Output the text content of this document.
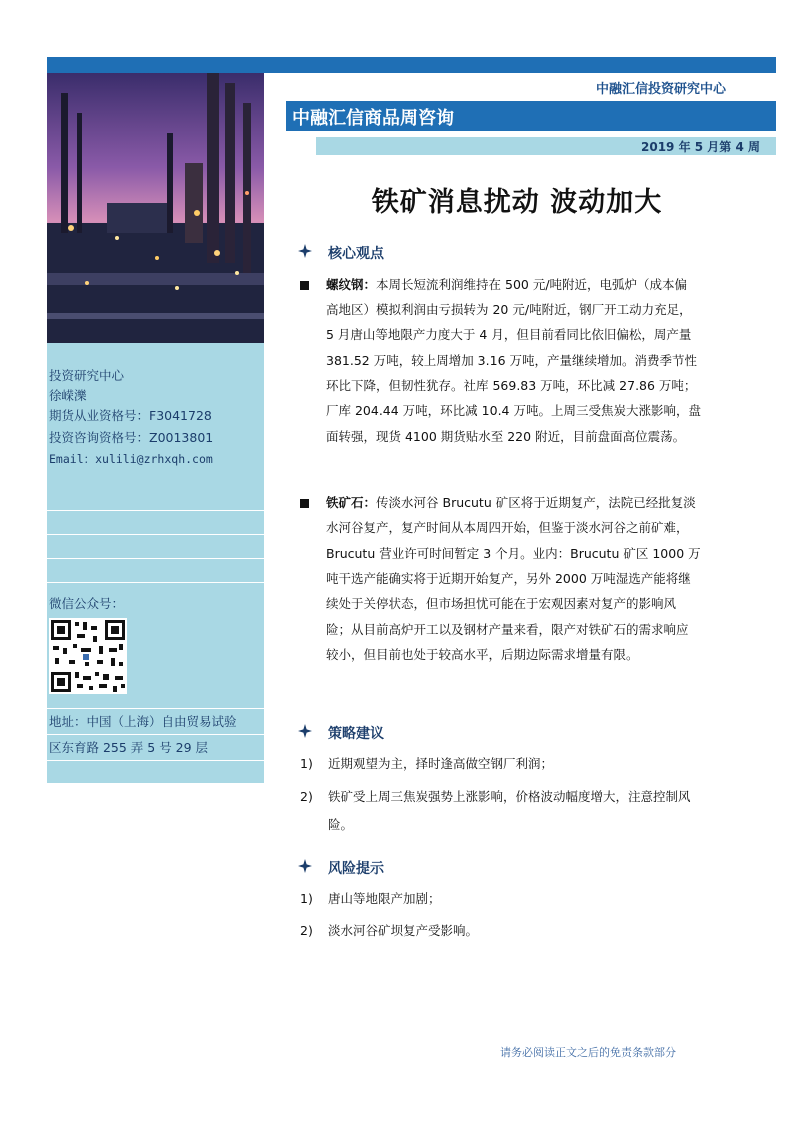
中融汇信投资研究中心
投资研究中心
徐嵘濼
期货从业资格号：F3041728
投资咨询资格号：Z0013801
Email：xulili@zrhxqh.com
微信公众号：
地址：中国（上海）自由贸易试验
区东育路 255 弄 5 号 29 层
中融汇信商品周咨询
2019 年 5 月第 4 周
铁矿消息扰动 波动加大
核心观点
螺纹钢：本周长短流利润维持在 500 元/吨附近，电弧炉（成本偏
高地区）模拟利润由亏损转为 20 元/吨附近，钢厂开工动力充足，
5 月唐山等地限产力度大于 4 月，但目前看同比依旧偏松，周产量
381.52 万吨，较上周增加 3.16 万吨，产量继续增加。消费季节性
环比下降，但韧性犹存。社库 569.83 万吨，环比减 27.86 万吨；
厂库 204.44 万吨，环比减 10.4 万吨。上周三受焦炭大涨影响，盘
面转强，现货 4100 期货贴水至 220 附近，目前盘面高位震荡。
铁矿石：传淡水河谷 Brucutu 矿区将于近期复产，法院已经批复淡
水河谷复产，复产时间从本周四开始，但鉴于淡水河谷之前矿难，
Brucutu 营业许可时间暂定 3 个月。业内：Brucutu 矿区 1000 万
吨干选产能确实将于近期开始复产，另外 2000 万吨湿选产能将继
续处于关停状态，但市场担忧可能在于宏观因素对复产的影响风
险；从目前高炉开工以及钢材产量来看，限产对铁矿石的需求响应
较小，但目前也处于较高水平，后期边际需求增量有限。
策略建议
1) 近期观望为主，择时逢高做空钢厂利润；
2) 铁矿受上周三焦炭强势上涨影响，价格波动幅度增大，注意控制风
险。
风险提示
1) 唐山等地限产加剧；
2) 淡水河谷矿坝复产受影响。
请务必阅读正文之后的免责条款部分
